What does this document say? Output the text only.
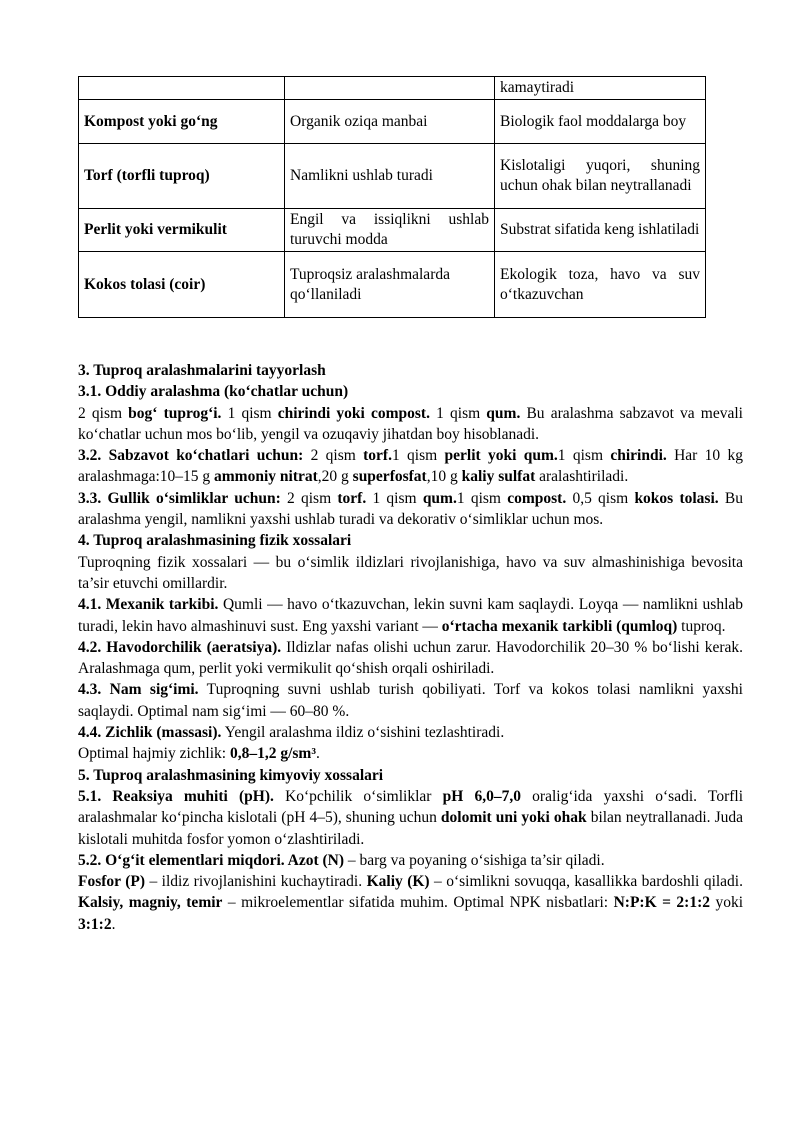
		kamaytiradi
Kompost yoki go‘ng	Organik oziqa manbai	Biologik faol moddalarga boy
Torf (torfli tuproq)	Namlikni ushlab turadi	Kislotaligi yuqori, shuning uchun ohak bilan neytrallanadi
Perlit yoki vermikulit	Engil va issiqlikni ushlab turuvchi modda	Substrat sifatida keng ishlatiladi
Kokos tolasi (coir)	Tuproqsiz aralashmalarda qo‘llaniladi	Ekologik toza, havo va suv o‘tkazuvchan

3. Tuproq aralashmalarini tayyorlash

3.1. Oddiy aralashma (ko‘chatlar uchun)

2 qism bog‘ tuprog‘i. 1 qism chirindi yoki compost. 1 qism qum. Bu aralashma sabzavot va mevali ko‘chatlar uchun mos bo‘lib, yengil va ozuqaviy jihatdan boy hisoblanadi.

3.2. Sabzavot ko‘chatlari uchun: 2 qism torf.1 qism perlit yoki qum.1 qism chirindi. Har 10 kg aralashmaga:10–15 g ammoniy nitrat,20 g superfosfat,10 g kaliy sulfat aralashtiriladi.

3.3. Gullik o‘simliklar uchun: 2 qism torf. 1 qism qum.1 qism compost. 0,5 qism kokos tolasi. Bu aralashma yengil, namlikni yaxshi ushlab turadi va dekorativ o‘simliklar uchun mos.

4. Tuproq aralashmasining fizik xossalari

Tuproqning fizik xossalari — bu o‘simlik ildizlari rivojlanishiga, havo va suv almashinishiga bevosita ta’sir etuvchi omillardir.

4.1. Mexanik tarkibi. Qumli — havo o‘tkazuvchan, lekin suvni kam saqlaydi. Loyqa — namlikni ushlab turadi, lekin havo almashinuvi sust. Eng yaxshi variant — o‘rtacha mexanik tarkibli (qumloq) tuproq.

4.2. Havodorchilik (aeratsiya). Ildizlar nafas olishi uchun zarur. Havodorchilik 20–30 % bo‘lishi kerak. Aralashmaga qum, perlit yoki vermikulit qo‘shish orqali oshiriladi.

4.3. Nam sig‘imi. Tuproqning suvni ushlab turish qobiliyati. Torf va kokos tolasi namlikni yaxshi saqlaydi. Optimal nam sig‘imi — 60–80 %.

4.4. Zichlik (massasi). Yengil aralashma ildiz o‘sishini tezlashtiradi.

Optimal hajmiy zichlik: 0,8–1,2 g/sm³.

5. Tuproq aralashmasining kimyoviy xossalari

5.1. Reaksiya muhiti (pH). Ko‘pchilik o‘simliklar pH 6,0–7,0 oralig‘ida yaxshi o‘sadi. Torfli aralashmalar ko‘pincha kislotali (pH 4–5), shuning uchun dolomit uni yoki ohak bilan neytrallanadi. Juda kislotali muhitda fosfor yomon o‘zlashtiriladi.

5.2. O‘g‘it elementlari miqdori. Azot (N) – barg va poyaning o‘sishiga ta’sir qiladi.

Fosfor (P) – ildiz rivojlanishini kuchaytiradi. Kaliy (K) – o‘simlikni sovuqqa, kasallikka bardoshli qiladi. Kalsiy, magniy, temir – mikroelementlar sifatida muhim. Optimal NPK nisbatlari: N:P:K = 2:1:2 yoki 3:1:2.
